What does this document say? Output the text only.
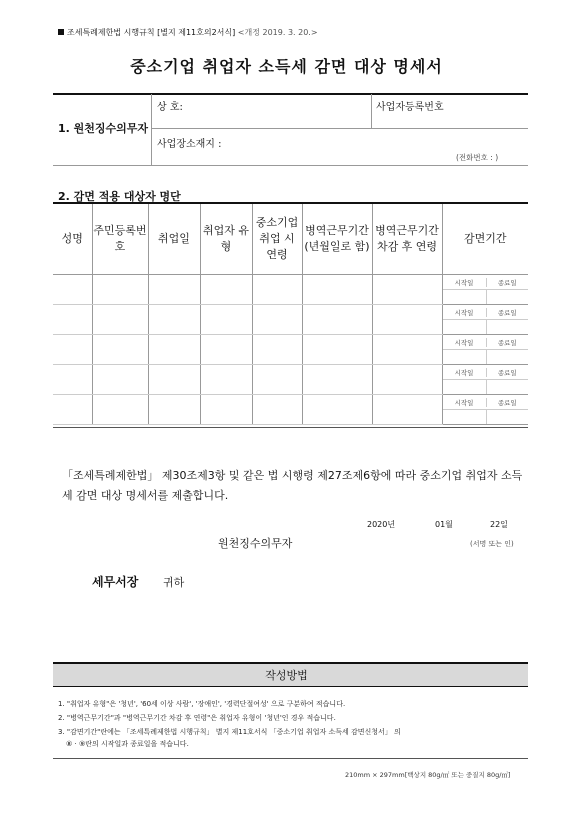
조세특례제한법 시행규칙 [별지 제11호의2서식] <개정 2019. 3. 20.>
중소기업 취업자 소득세 감면 대상 명세서
1. 원천징수의무자
상 호:	사업자등록번호
사업장소재지 :
(전화번호 : )
2. 감면 적용 대상자 명단
성명	주민등록번호	취업일	취업자 유형	중소기업 취업 시 연령	병역근무기간 (년월일로 함)	병역근무기간 차감 후 연령	감면기간

							시작일 종료일

							시작일 종료일

							시작일 종료일

							시작일 종료일

							시작일 종료일

「조세특례제한법」 제30조제3항 및 같은 법 시행령 제27조제6항에 따라 중소기업 취업자 소득세 감면 대상 명세서를 제출합니다.
2020년	01월	22일
원천징수의무자	(서명 또는 인)
세무서장 귀하
작성방법
1. "취업자 유형"은 '청년', '60세 이상 사람', '장애인', '경력단절여성' 으로 구분하여 적습니다.
2. "병역근무기간"과 "병역근무기간 차감 후 연령"은 취업자 유형이 '청년'인 경우 적습니다.
3. "감면기간"란에는 「조세특례제한법 시행규칙」 별지 제11호서식 「중소기업 취업자 소득세 감면신청서」 의
⑧ · ⑨란의 시작일과 종료일을 적습니다.
210mm × 297mm[백상지 80g/㎡ 또는 중질지 80g/㎡]
